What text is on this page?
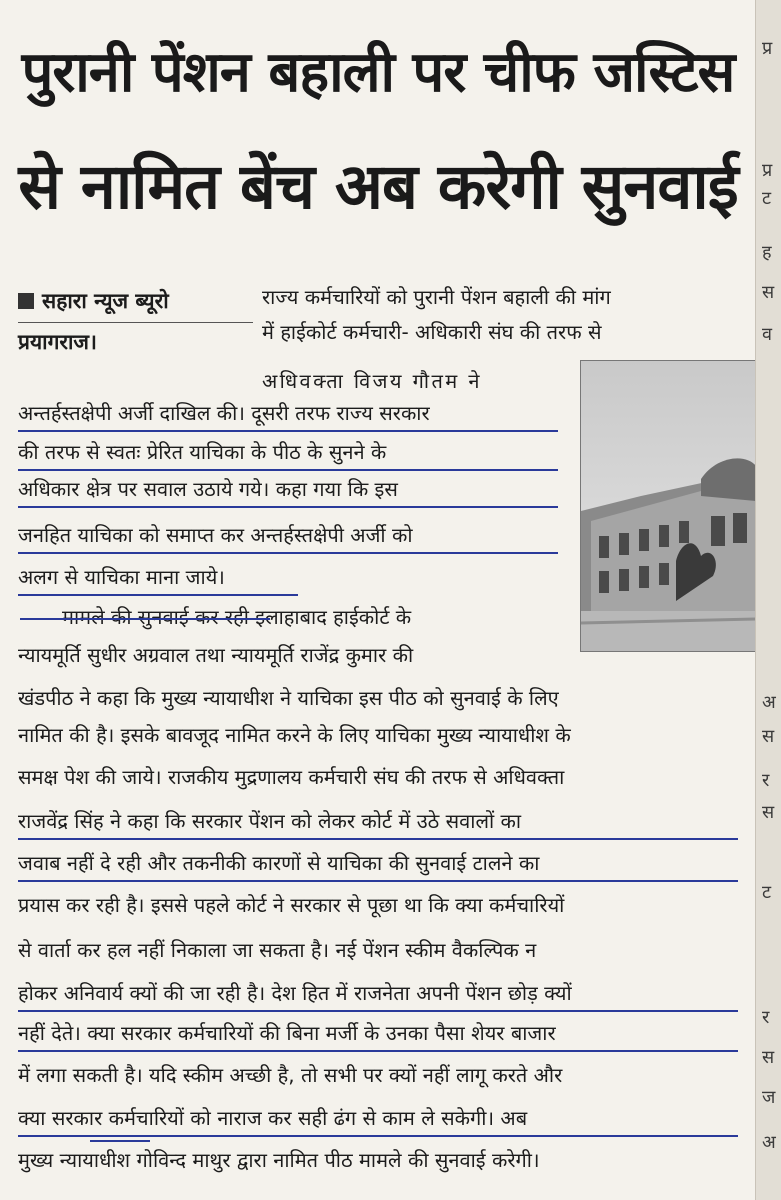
पुरानी पेंशन बहाली पर चीफ जस्टिस
से नामित बेंच अब करेगी सुनवाई
सहारा न्यूज ब्यूरो
प्रयागराज।
राज्य कर्मचारियों को पुरानी पेंशन बहाली की मांग
में हाईकोर्ट कर्मचारी- अधिकारी संघ की तरफ से
अधिवक्ता विजय गौतम ने
अन्तर्हस्तक्षेपी अर्जी दाखिल की। दूसरी तरफ राज्य सरकार
की तरफ से स्वतः प्रेरित याचिका के पीठ के सुनने के
अधिकार क्षेत्र पर सवाल उठाये गये। कहा गया कि इस
जनहित याचिका को समाप्त कर अन्तर्हस्तक्षेपी अर्जी को
अलग से याचिका माना जाये।
मामले की सुनवाई कर रही इलाहाबाद हाईकोर्ट के
न्यायमूर्ति सुधीर अग्रवाल तथा न्यायमूर्ति राजेंद्र कुमार की
खंडपीठ ने कहा कि मुख्य न्यायाधीश ने याचिका इस पीठ को सुनवाई के लिए
नामित की है। इसके बावजूद नामित करने के लिए याचिका मुख्य न्यायाधीश के
समक्ष पेश की जाये। राजकीय मुद्रणालय कर्मचारी संघ की तरफ से अधिवक्ता
राजवेंद्र सिंह ने कहा कि सरकार पेंशन को लेकर कोर्ट में उठे सवालों का
जवाब नहीं दे रही और तकनीकी कारणों से याचिका की सुनवाई टालने का
प्रयास कर रही है। इससे पहले कोर्ट ने सरकार से पूछा था कि क्या कर्मचारियों
से वार्ता कर हल नहीं निकाला जा सकता है। नई पेंशन स्कीम वैकल्पिक न
होकर अनिवार्य क्यों की जा रही है। देश हित में राजनेता अपनी पेंशन छोड़ क्यों
नहीं देते। क्या सरकार कर्मचारियों की बिना मर्जी के उनका पैसा शेयर बाजार
में लगा सकती है। यदि स्कीम अच्छी है, तो सभी पर क्यों नहीं लागू करते और
क्या सरकार कर्मचारियों को नाराज कर सही ढंग से काम ले सकेगी। अब
मुख्य न्यायाधीश गोविन्द माथुर द्वारा नामित पीठ मामले की सुनवाई करेगी।
प्र
प्र
ट
ह
स
व
अ
स
र
स
ट
र
स
ज
अ
